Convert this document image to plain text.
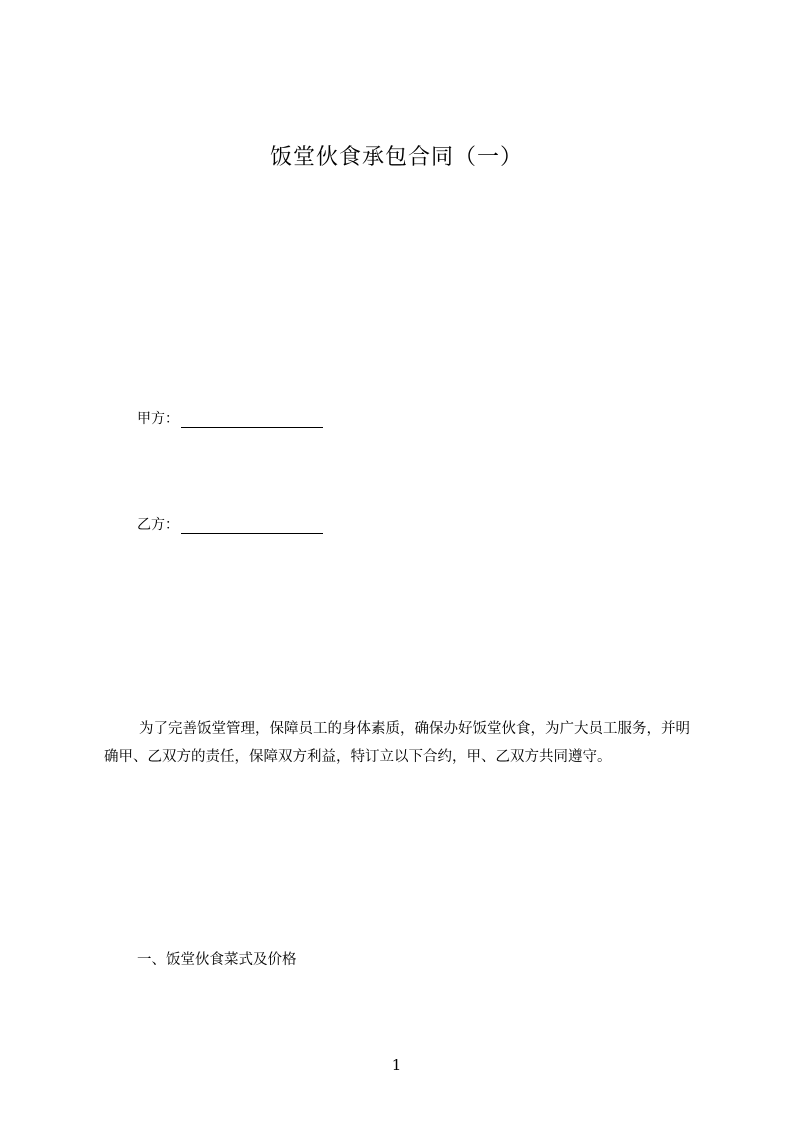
饭堂伙食承包合同（一）
甲方：
乙方：
为了完善饭堂管理，保障员工的身体素质，确保办好饭堂伙食，为广大员工服务，并明确甲、乙双方的责任，保障双方利益，特订立以下合约，甲、乙双方共同遵守。
一、饭堂伙食菜式及价格
1
